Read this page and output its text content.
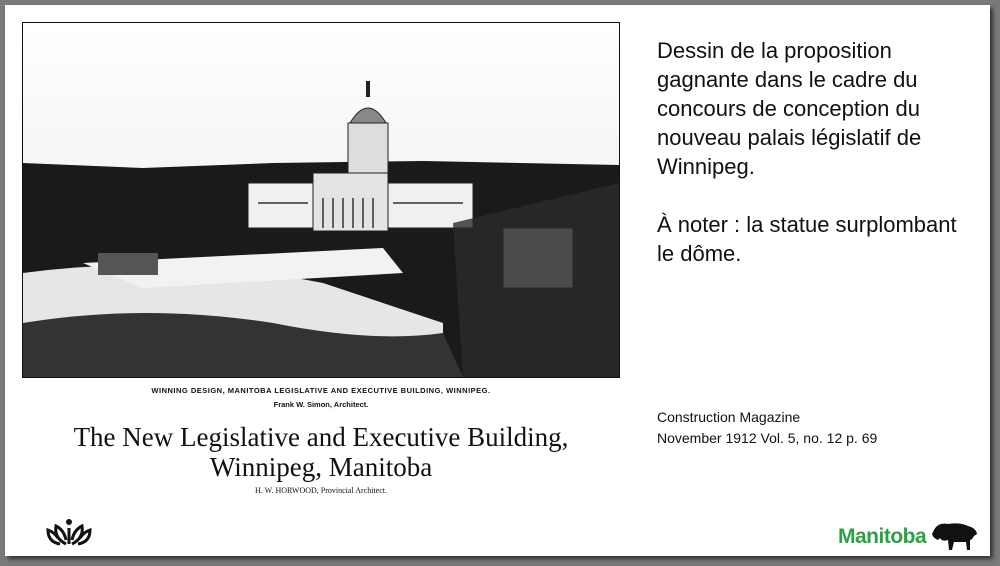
WINNING DESIGN, MANITOBA LEGISLATIVE AND EXECUTIVE BUILDING, WINNIPEG.
Frank W. Simon, Architect.
The New Legislative and Executive Building,
Winnipeg, Manitoba
H. W. HORWOOD, Provincial Architect.

Dessin de la proposition gagnante dans le cadre du concours de conception du nouveau palais législatif de Winnipeg.

À noter : la statue surplombant le dôme.

Construction Magazine
November 1912 Vol. 5, no. 12 p. 69
Manitoba
